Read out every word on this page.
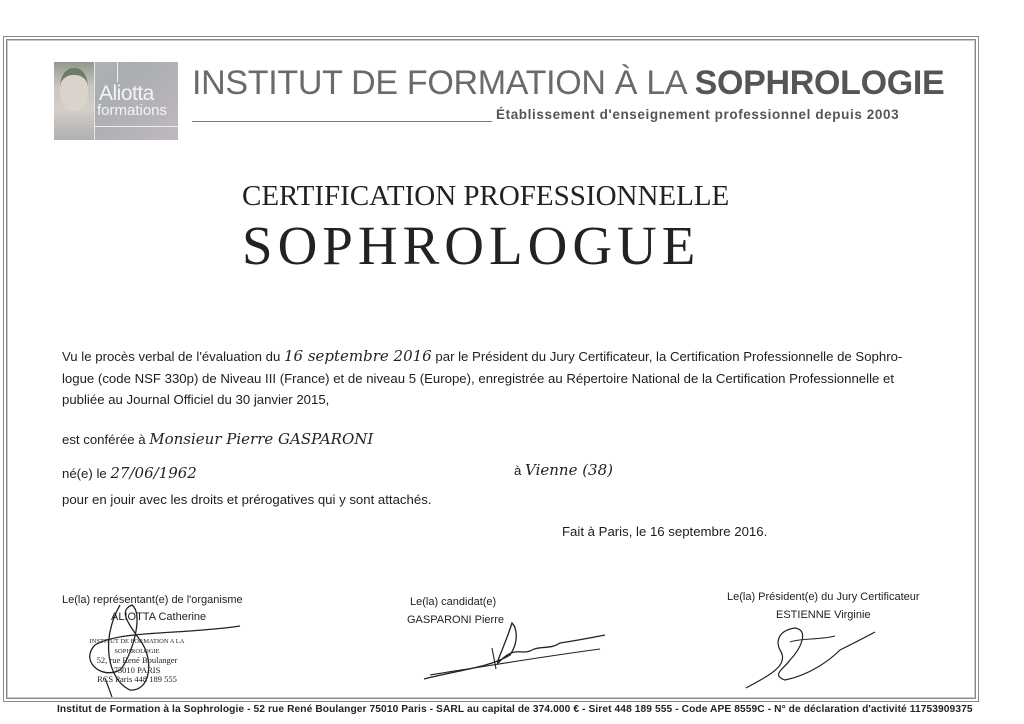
Aliotta
formations
INSTITUT DE FORMATION À LA SOPHROLOGIE
Établissement d'enseignement professionnel depuis 2003
CERTIFICATION PROFESSIONNELLE
SOPHROLOGUE
Vu le procès verbal de l'évaluation du 16 septembre 2016 par le Président du Jury Certificateur, la Certification Professionnelle de Sophro-logue (code NSF 330p) de Niveau III (France) et de niveau 5 (Europe), enregistrée au Répertoire National de la Certification Professionnelle et publiée au Journal Officiel du 30 janvier 2015,
est conférée à Monsieur Pierre GASPARONI
né(e) le 27/06/1962	à Vienne (38)
pour en jouir avec les droits et prérogatives qui y sont attachés.
Fait à Paris, le 16 septembre 2016.
Le(la) représentant(e) de l'organisme
ALIOTTA Catherine
INSTITUT DE FORMATION A LA SOPHROLOGIE
52, rue René Boulanger
75010 PARIS
RCS Paris 448 189 555
Le(la) candidat(e)
GASPARONI Pierre
Le(la) Président(e) du Jury Certificateur
ESTIENNE Virginie
Institut de Formation à la Sophrologie - 52 rue René Boulanger 75010 Paris - SARL au capital de 374.000 € - Siret 448 189 555 - Code APE 8559C - N° de déclaration d'activité 11753909375
